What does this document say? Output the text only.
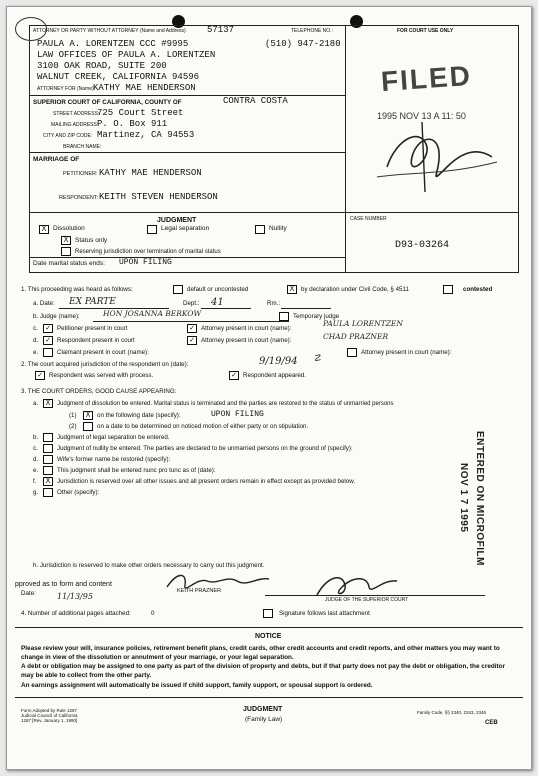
ATTORNEY OR PARTY WITHOUT ATTORNEY (Name and Address) 57137	TELEPHONE NO.:	FOR COURT USE ONLY
PAULA A. LORENTZEN CCC #9995	(510) 947-2180
LAW OFFICES OF PAULA A. LORENTZEN
3100 OAK ROAD, SUITE 200
WALNUT CREEK, CALIFORNIA 94596
ATTORNEY FOR (Name) KATHY MAE HENDERSON
SUPERIOR COURT OF CALIFORNIA, COUNTY OF	CONTRA COSTA
STREET ADDRESS:
725 Court Street
MAILING ADDRESS:
P. O. Box 911
CITY AND ZIP CODE: Martinez, CA 94553
BRANCH NAME:
MARRIAGE OF
PETITIONER: KATHY MAE HENDERSON
RESPONDENT: KEITH STEVEN HENDERSON
FILED
1995 NOV 13 A 11: 50
JUDGMENT
X	Dissolution	Legal separation	Nullity
X	Status only
Reserving jurisdiction over termination of marital status
Date marital status ends: UPON FILING
CASE NUMBER
D93-03264
1. This proceeding was heard as follows:	default or uncontested	X	by declaration under Civil Code, § 4511	contested
a. Date: EX PARTE	Dept.: 41	Rm.:
b. Judge (name):	HON JOSANNA BERKOW	Temporary judge
c. ✓	Petitioner present in court	✓	Attorney present in court (name):
PAULA LORENTZEN
d. ✓	Respondent present in court	✓	Attorney present in court (name):	CHAD PRAZNER
e.	Claimant present in court (name):	Attorney present in court (name):
2. The court acquired jurisdiction of the respondent on (date):	9/19/94 ☡
✓	Respondent was served with process.	✓	Respondent appeared.
3. THE COURT ORDERS, GOOD CAUSE APPEARING:
a. X	Judgment of dissolution be entered. Marital status is terminated and the parties are restored to the status of unmarried persons
(1)	X	on the following date (specify):	UPON FILING
(2)	on a date to be determined on noticed motion of either party or on stipulation.
b.	Judgment of legal separation be entered.
c.	Judgment of nullity be entered. The parties are declared to be unmarried persons on the ground of (specify):
d.	Wife's former name be restored (specify):
e.	This judgment shall be entered nunc pro tunc as of (date):
f.	X	Jurisdiction is reserved over all other issues and all present orders remain in effect except as provided below.
g.	Other (specify):	ENTERED ON MICROFILM
NOV 1 7 1995
h. Jurisdiction is reserved to make other orders necessary to carry out this judgment.
pproved as to form and content
KEITH PRAZNER
Date:	11/13/95	JUDGE OF THE SUPERIOR COURT
4. Number of additional pages attached:	0	Signature follows last attachment
NOTICE
Please review your will, insurance policies, retirement benefit plans, credit cards, other credit accounts and credit reports, and other matters you may want to change in view of the dissolution or annulment of your marriage, or your legal separation.
A debt or obligation may be assigned to one party as part of the division of property and debts, but if that party does not pay the debt or obligation, the creditor may be able to collect from the other party.
An earnings assignment will automatically be issued if child support, family support, or spousal support is ordered.
Form Adopted by Rule 1287
Judicial Council of California
1287 [Rev. January 1, 1990]
JUDGMENT
(Family Law)
Family Code, §§ 2340, 2343, 2346
CEB
